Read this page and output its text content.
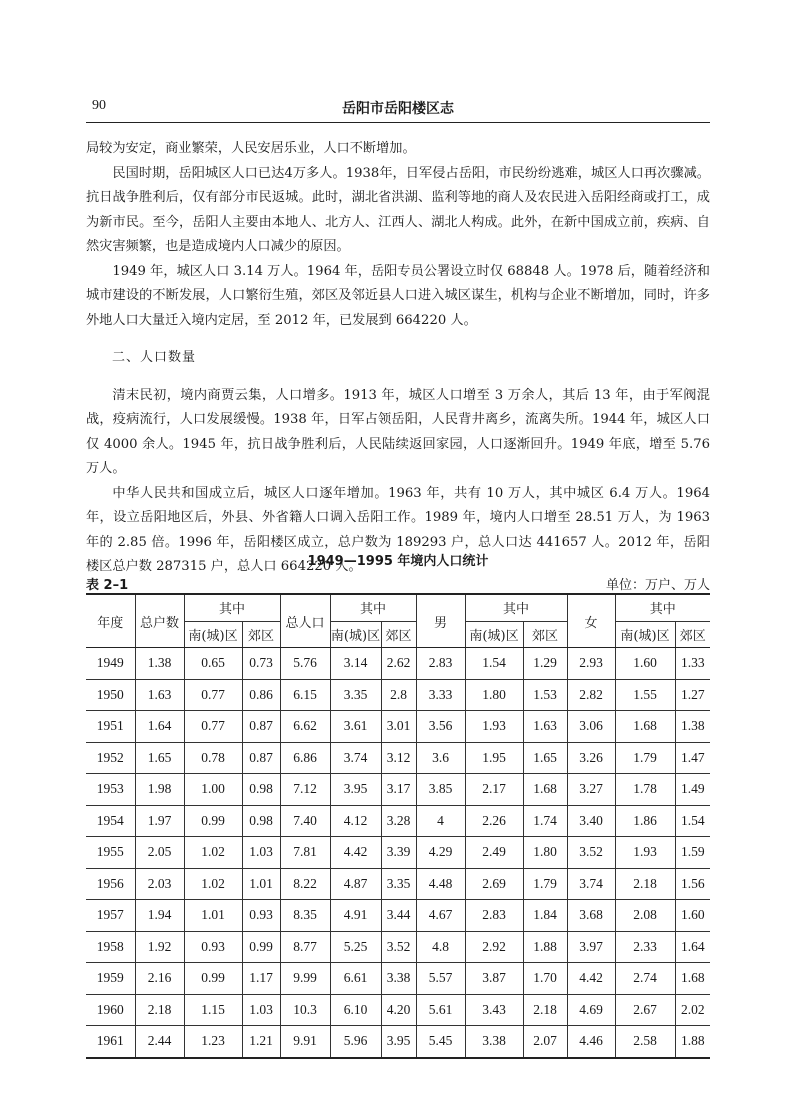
90	岳阳市岳阳楼区志

局较为安定，商业繁荣，人民安居乐业，人口不断增加。

民国时期，岳阳城区人口已达4万多人。1938年，日军侵占岳阳，市民纷纷逃难，城区人口再次骤减。抗日战争胜利后，仅有部分市民返城。此时，湖北省洪湖、监利等地的商人及农民进入岳阳经商或打工，成为新市民。至今，岳阳人主要由本地人、北方人、江西人、湖北人构成。此外，在新中国成立前，疾病、自然灾害频繁，也是造成境内人口减少的原因。

1949 年，城区人口 3.14 万人。1964 年，岳阳专员公署设立时仅 68848 人。1978 后，随着经济和城市建设的不断发展，人口繁衍生殖，郊区及邻近县人口进入城区谋生，机构与企业不断增加，同时，许多外地人口大量迁入境内定居，至 2012 年，已发展到 664220 人。

二、人口数量

清末民初，境内商贾云集，人口增多。1913 年，城区人口增至 3 万余人，其后 13 年，由于军阀混战，疫病流行，人口发展缓慢。1938 年，日军占领岳阳，人民背井离乡，流离失所。1944 年，城区人口仅 4000 余人。1945 年，抗日战争胜利后，人民陆续返回家园，人口逐渐回升。1949 年底，增至 5.76 万人。

中华人民共和国成立后，城区人口逐年增加。1963 年，共有 10 万人，其中城区 6.4 万人。1964 年，设立岳阳地区后，外县、外省籍人口调入岳阳工作。1989 年，境内人口增至 28.51 万人，为 1963 年的 2.85 倍。1996 年，岳阳楼区成立，总户数为 189293 户，总人口达 441657 人。2012 年，岳阳楼区总户数 287315 户，总人口 664220 人。

1949—1995 年境内人口统计
表 2–1	单位：万户、万人
年度	总户数	其中		总人口	其中		男	其中		女	其中	
		南(城)区	郊区		南(城)区	郊区		南(城)区	郊区		南(城)区	郊区
1949	1.38	0.65	0.73	5.76	3.14	2.62	2.83	1.54	1.29	2.93	1.60	1.33
1950	1.63	0.77	0.86	6.15	3.35	2.8	3.33	1.80	1.53	2.82	1.55	1.27
1951	1.64	0.77	0.87	6.62	3.61	3.01	3.56	1.93	1.63	3.06	1.68	1.38
1952	1.65	0.78	0.87	6.86	3.74	3.12	3.6	1.95	1.65	3.26	1.79	1.47
1953	1.98	1.00	0.98	7.12	3.95	3.17	3.85	2.17	1.68	3.27	1.78	1.49
1954	1.97	0.99	0.98	7.40	4.12	3.28	4	2.26	1.74	3.40	1.86	1.54
1955	2.05	1.02	1.03	7.81	4.42	3.39	4.29	2.49	1.80	3.52	1.93	1.59
1956	2.03	1.02	1.01	8.22	4.87	3.35	4.48	2.69	1.79	3.74	2.18	1.56
1957	1.94	1.01	0.93	8.35	4.91	3.44	4.67	2.83	1.84	3.68	2.08	1.60
1958	1.92	0.93	0.99	8.77	5.25	3.52	4.8	2.92	1.88	3.97	2.33	1.64
1959	2.16	0.99	1.17	9.99	6.61	3.38	5.57	3.87	1.70	4.42	2.74	1.68
1960	2.18	1.15	1.03	10.3	6.10	4.20	5.61	3.43	2.18	4.69	2.67	2.02
1961	2.44	1.23	1.21	9.91	5.96	3.95	5.45	3.38	2.07	4.46	2.58	1.88
